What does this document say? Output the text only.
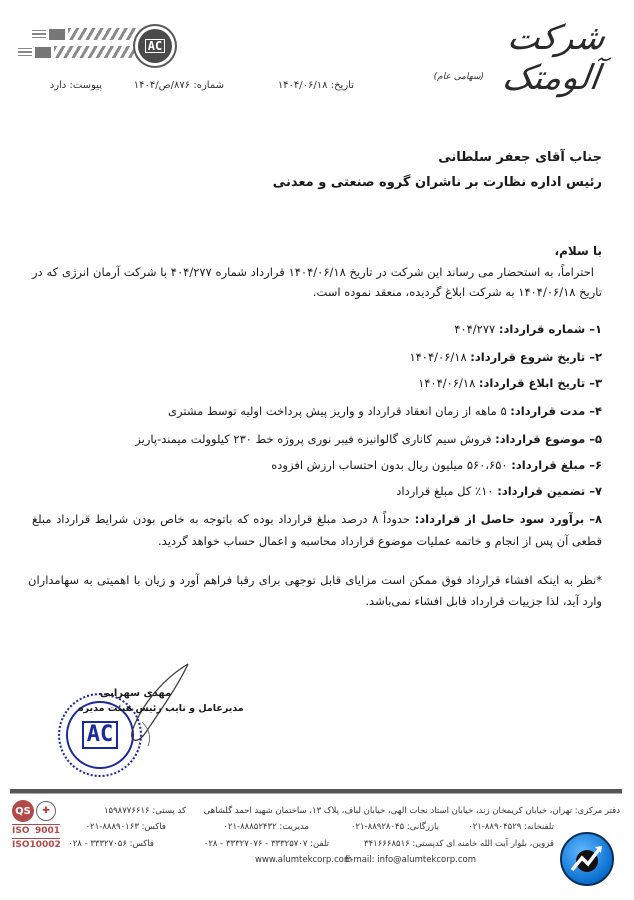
شرکت آلومتک
(سهامی عام)
AC
تاریخ: ۱۴۰۴/۰۶/۱۸
شماره: ۸۷۶/ص/۱۴۰۴
پیوست: دارد
جناب آقای جعفر سلطانی
رئیس اداره نظارت بر ناشران گروه صنعتی و معدنی
با سلام،
احتراماً، به استحضار می رساند این شرکت در تاریخ ۱۴۰۴/۰۶/۱۸ قرارداد شماره ۴۰۴/۲۷۷ با شرکت آرمان انرژی که در تاریخ ۱۴۰۴/۰۶/۱۸ به شرکت ابلاغ گردیده، منعقد نموده است.
۱– شماره قرارداد: ۴۰۴/۲۷۷
۲– تاریخ شروع قرارداد: ۱۴۰۴/۰۶/۱۸
۳– تاریخ ابلاغ قرارداد: ۱۴۰۴/۰۶/۱۸
۴– مدت قرارداد: ۵ ماهه از زمان انعقاد قرارداد و واریز پیش پرداخت اولیه توسط مشتری
۵– موضوع قرارداد: فروش سیم کاناری گالوانیزه فیبر نوری پروژه خط ۲۳۰ کیلوولت میمند-پاریز
۶– مبلغ قرارداد: ۵۶۰،۶۵۰ میلیون ریال بدون احتساب ارزش افزوده
۷– تضمین قرارداد: ۱۰٪ کل مبلغ قرارداد
۸– برآورد سود حاصل از قرارداد: حدوداً ۸ درصد مبلغ قرارداد بوده که باتوجه به خاص بودن شرایط قرارداد مبلغ قطعی آن پس از انجام و خاتمه عملیات موضوع قرارداد محاسبه و اعمال حساب خواهد گردید.
*نظر به اینکه افشاء قرارداد فوق ممکن است مزایای قابل توجهی برای رقبا فراهم آورد و زیان با اهمیتی به سهامداران وارد آید، لذا جزییات قرارداد قابل افشاء نمی‌باشد.
AC
مهدی سهرابی
مدیرعامل و نایب رئیس هیئت مدیره
QS	✚
ISO 9001
ISO 10002
دفتر مرکزی: تهران، خیابان کریمخان زند، خیابان استاد نجات الهی، خیابان لباف، پلاک ۱۳، ساختمان شهید احمد گلشاهی
کد پستی: ۱۵۹۸۷۷۶۶۱۶
تلفنخانه: ۸۸۹۰۴۵۲۹-۰۲۱
بازرگانی: ۸۸۹۲۸۰۴۵-۰۲۱
مدیریت: ۸۸۸۵۲۴۳۲-۰۲۱
فاکس: ۸۸۸۹۰۱۶۳-۰۲۱
قزوین، بلوار آیت الله خامنه ای کدپستی: ۳۴۱۶۶۶۸۵۱۶
تلفن: ۳۳۳۲۵۷۰۷ - ۳۳۳۲۷۰۷۶ - ۰۲۸
فاکس: ۳۳۳۲۷۰۵۶ - ۰۲۸
www.alumtekcorp.com
E-mail: info@alumtekcorp.com
